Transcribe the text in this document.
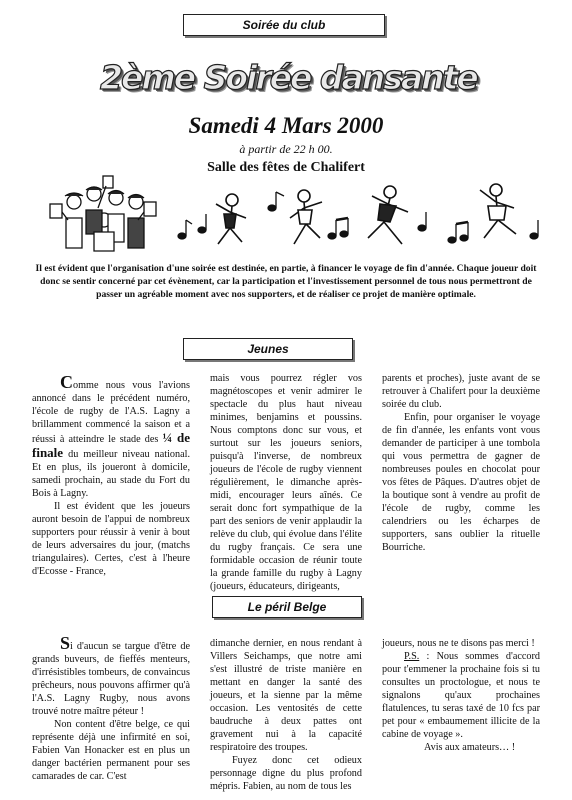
Soirée du club
2ème Soirée dansante
Samedi 4 Mars 2000
à partir de 22 h 00.
Salle des fêtes de Chalifert
Il est évident que l'organisation d'une soirée est destinée, en partie, à financer le voyage de fin d'année. Chaque joueur doit donc se sentir concerné par cet évènement, car la participation et l'investissement personnel de tous nous permettront de passer un agréable moment avec nos supporters, et de réaliser ce projet de manière optimale.
Jeunes

Comme nous vous l'avions annoncé dans le précédent numéro, l'école de rugby de l'A.S. Lagny a brillamment commencé la saison et a réussi à atteindre le stade des ¼ de finale du meilleur niveau national. Et en plus, ils joueront à domicile, samedi prochain, au stade du Fort du Bois à Lagny.

Il est évident que les joueurs auront besoin de l'appui de nombreux supporters pour réussir à venir à bout de leurs adversaires du jour, (matchs triangulaires). Certes, c'est à l'heure d'Ecosse - France,

mais vous pourrez régler vos magnétoscopes et venir admirer le spectacle du plus haut niveau minimes, benjamins et poussins. Nous comptons donc sur vous, et surtout sur les joueurs seniors, puisqu'à l'inverse, de nombreux joueurs de l'école de rugby viennent régulièrement, le dimanche après-midi, encourager leurs aînés. Ce serait donc fort sympathique de la part des seniors de venir applaudir la relève du club, qui évolue dans l'élite du rugby français. Ce sera une formidable occasion de réunir toute la grande famille du rugby à Lagny (joueurs, éducateurs, dirigeants,

parents et proches), juste avant de se retrouver à Chalifert pour la deuxième soirée du club.

Enfin, pour organiser le voyage de fin d'année, les enfants vont vous demander de participer à une tombola qui vous permettra de gagner de nombreuses poules en chocolat pour vos fêtes de Pâques. D'autres objet de la boutique sont à vendre au profit de l'école de rugby, comme les calendriers ou les écharpes de supporters, sans oublier la rituelle Bourriche.

Le péril Belge

Si d'aucun se targue d'être de grands buveurs, de fieffés menteurs, d'irrésistibles tombeurs, de convaincus prêcheurs, nous pouvons affirmer qu'à l'A.S. Lagny Rugby, nous avons trouvé notre maître péteur !

Non content d'être belge, ce qui représente déjà une infirmité en soi, Fabien Van Honacker est en plus un danger bactérien permanent pour ses camarades de car. C'est

dimanche dernier, en nous rendant à Villers Seichamps, que notre ami s'est illustré de triste manière en mettant en danger la santé des joueurs, et la sienne par la même occasion. Les ventosités de cette baudruche à deux pattes ont gravement nui à la capacité respiratoire des troupes.

Fuyez donc cet odieux personnage digne du plus profond mépris. Fabien, au nom de tous les

joueurs, nous ne te disons pas merci !

P.S. : Nous sommes d'accord pour t'emmener la prochaine fois si tu consultes un proctologue, et nous te signalons qu'aux prochaines flatulences, tu seras taxé de 10 fcs par pet pour « embaumement illicite de la cabine de voyage ».

Avis aux amateurs… !
